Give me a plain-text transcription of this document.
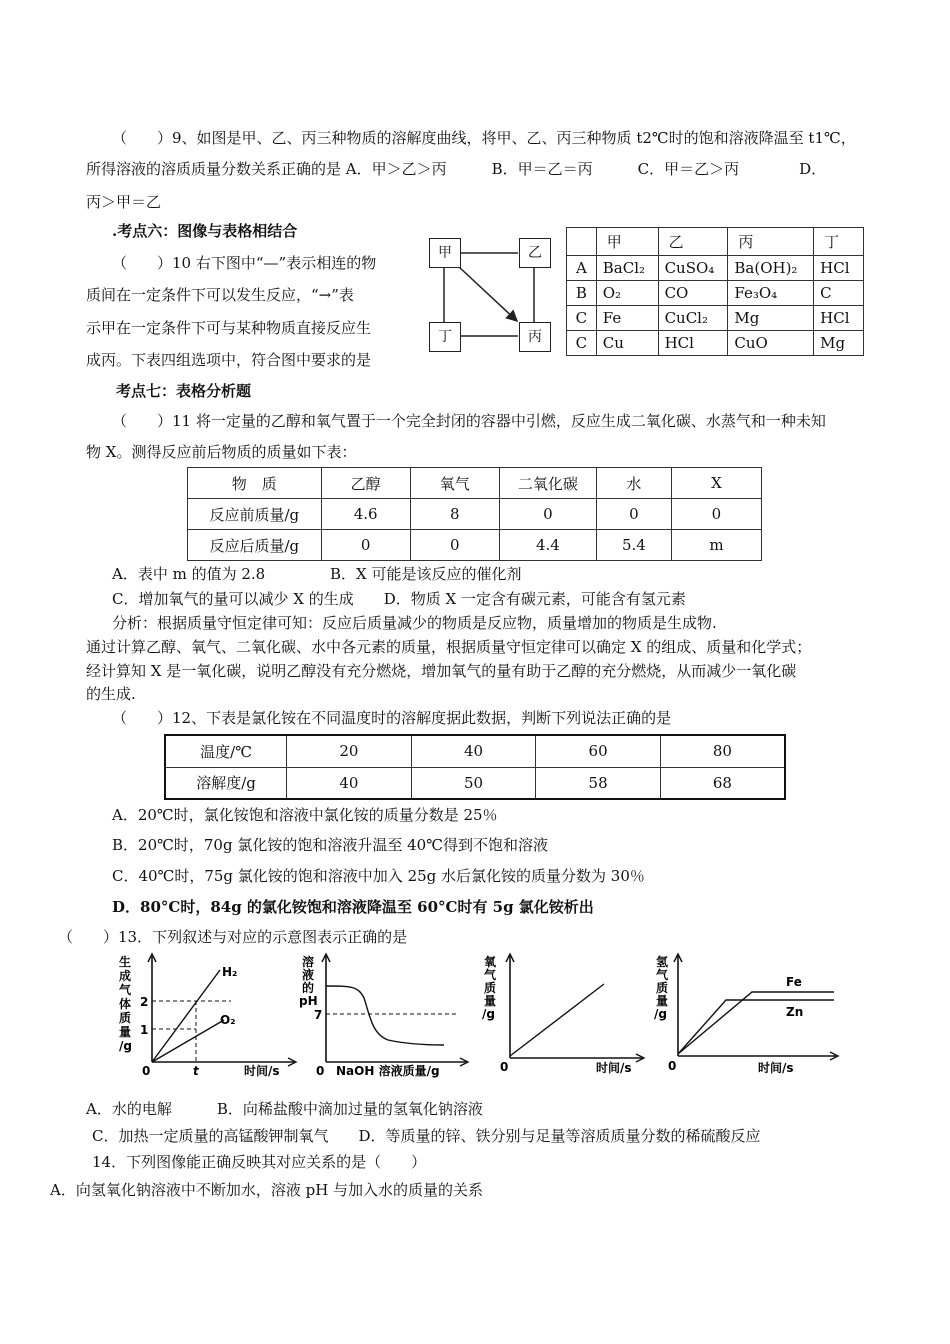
（　　）9、如图是甲、乙、丙三种物质的溶解度曲线，将甲、乙、丙三种物质 t2℃时的饱和溶液降温至 t1℃，
所得溶液的溶质质量分数关系正确的是 A．甲＞乙＞丙　　　B．甲＝乙＝丙　　　C．甲＝乙＞丙　　　　D．
丙＞甲＝乙
.考点六：图像与表格相结合
（　　）10 右下图中“—”表示相连的物
质间在一定条件下可以发生反应，“→”表
示甲在一定条件下可与某种物质直接反应生
成丙。下表四组选项中，符合图中要求的是
甲	乙
丁	丙
	甲	乙	丙	丁
A	BaCl₂	CuSO₄	Ba(OH)₂	HCl
B	O₂	CO	Fe₃O₄	C
C	Fe	CuCl₂	Mg	HCl
C	Cu	HCl	CuO	Mg
考点七：表格分析题
（　　）11 将一定量的乙醇和氧气置于一个完全封闭的容器中引燃，反应生成二氧化碳、水蒸气和一种未知
物 X。测得反应前后物质的质量如下表：
物　质	乙醇	氧气	二氧化碳	水	X
反应前质量/g	4.6	8	0	0	0
反应后质量/g	0	0	4.4	5.4	m
A．表中 m 的值为 2.8　　　　 B．X 可能是该反应的催化剂
C．增加氧气的量可以减少 X 的生成　　D．物质 X 一定含有碳元素，可能含有氢元素
分析：根据质量守恒定律可知：反应后质量减少的物质是反应物，质量增加的物质是生成物.
通过计算乙醇、氧气、二氧化碳、水中各元素的质量，根据质量守恒定律可以确定 X 的组成、质量和化学式；
经计算知 X 是一氧化碳，说明乙醇没有充分燃烧，增加氧气的量有助于乙醇的充分燃烧，从而减少一氧化碳
的生成.
（　　）12、下表是氯化铵在不同温度时的溶解度据此数据，判断下列说法正确的是
温度/℃	20	40	60	80
溶解度/g	40	50	58	68
A．20℃时，氯化铵饱和溶液中氯化铵的质量分数是 25％
B．20℃时，70g 氯化铵的饱和溶液升温至 40℃得到不饱和溶液
C．40℃时，75g 氯化铵的饱和溶液中加入 25g 水后氯化铵的质量分数为 30％
D．80°C时，84g 的氯化铵饱和溶液降温至 60°C时有 5g 氯化铵析出
（　　）13．下列叙述与对应的示意图表示正确的是
生
成
气
体
质
量
/g
2
1
0	t	时间/s
H₂
O₂
溶
液
的
pH
7
0 NaOH 溶液质量/g
氧
气
质
量
/g
0	时间/s
氢
气
质
量
/g
0	时间/s
Fe
Zn
A．水的电解　　　B．向稀盐酸中滴加过量的氢氧化钠溶液
C．加热一定质量的高锰酸钾制氧气　　D．等质量的锌、铁分别与足量等溶质质量分数的稀硫酸反应
14．下列图像能正确反映其对应关系的是（　　）
A．向氢氧化钠溶液中不断加水，溶液 pH 与加入水的质量的关系
